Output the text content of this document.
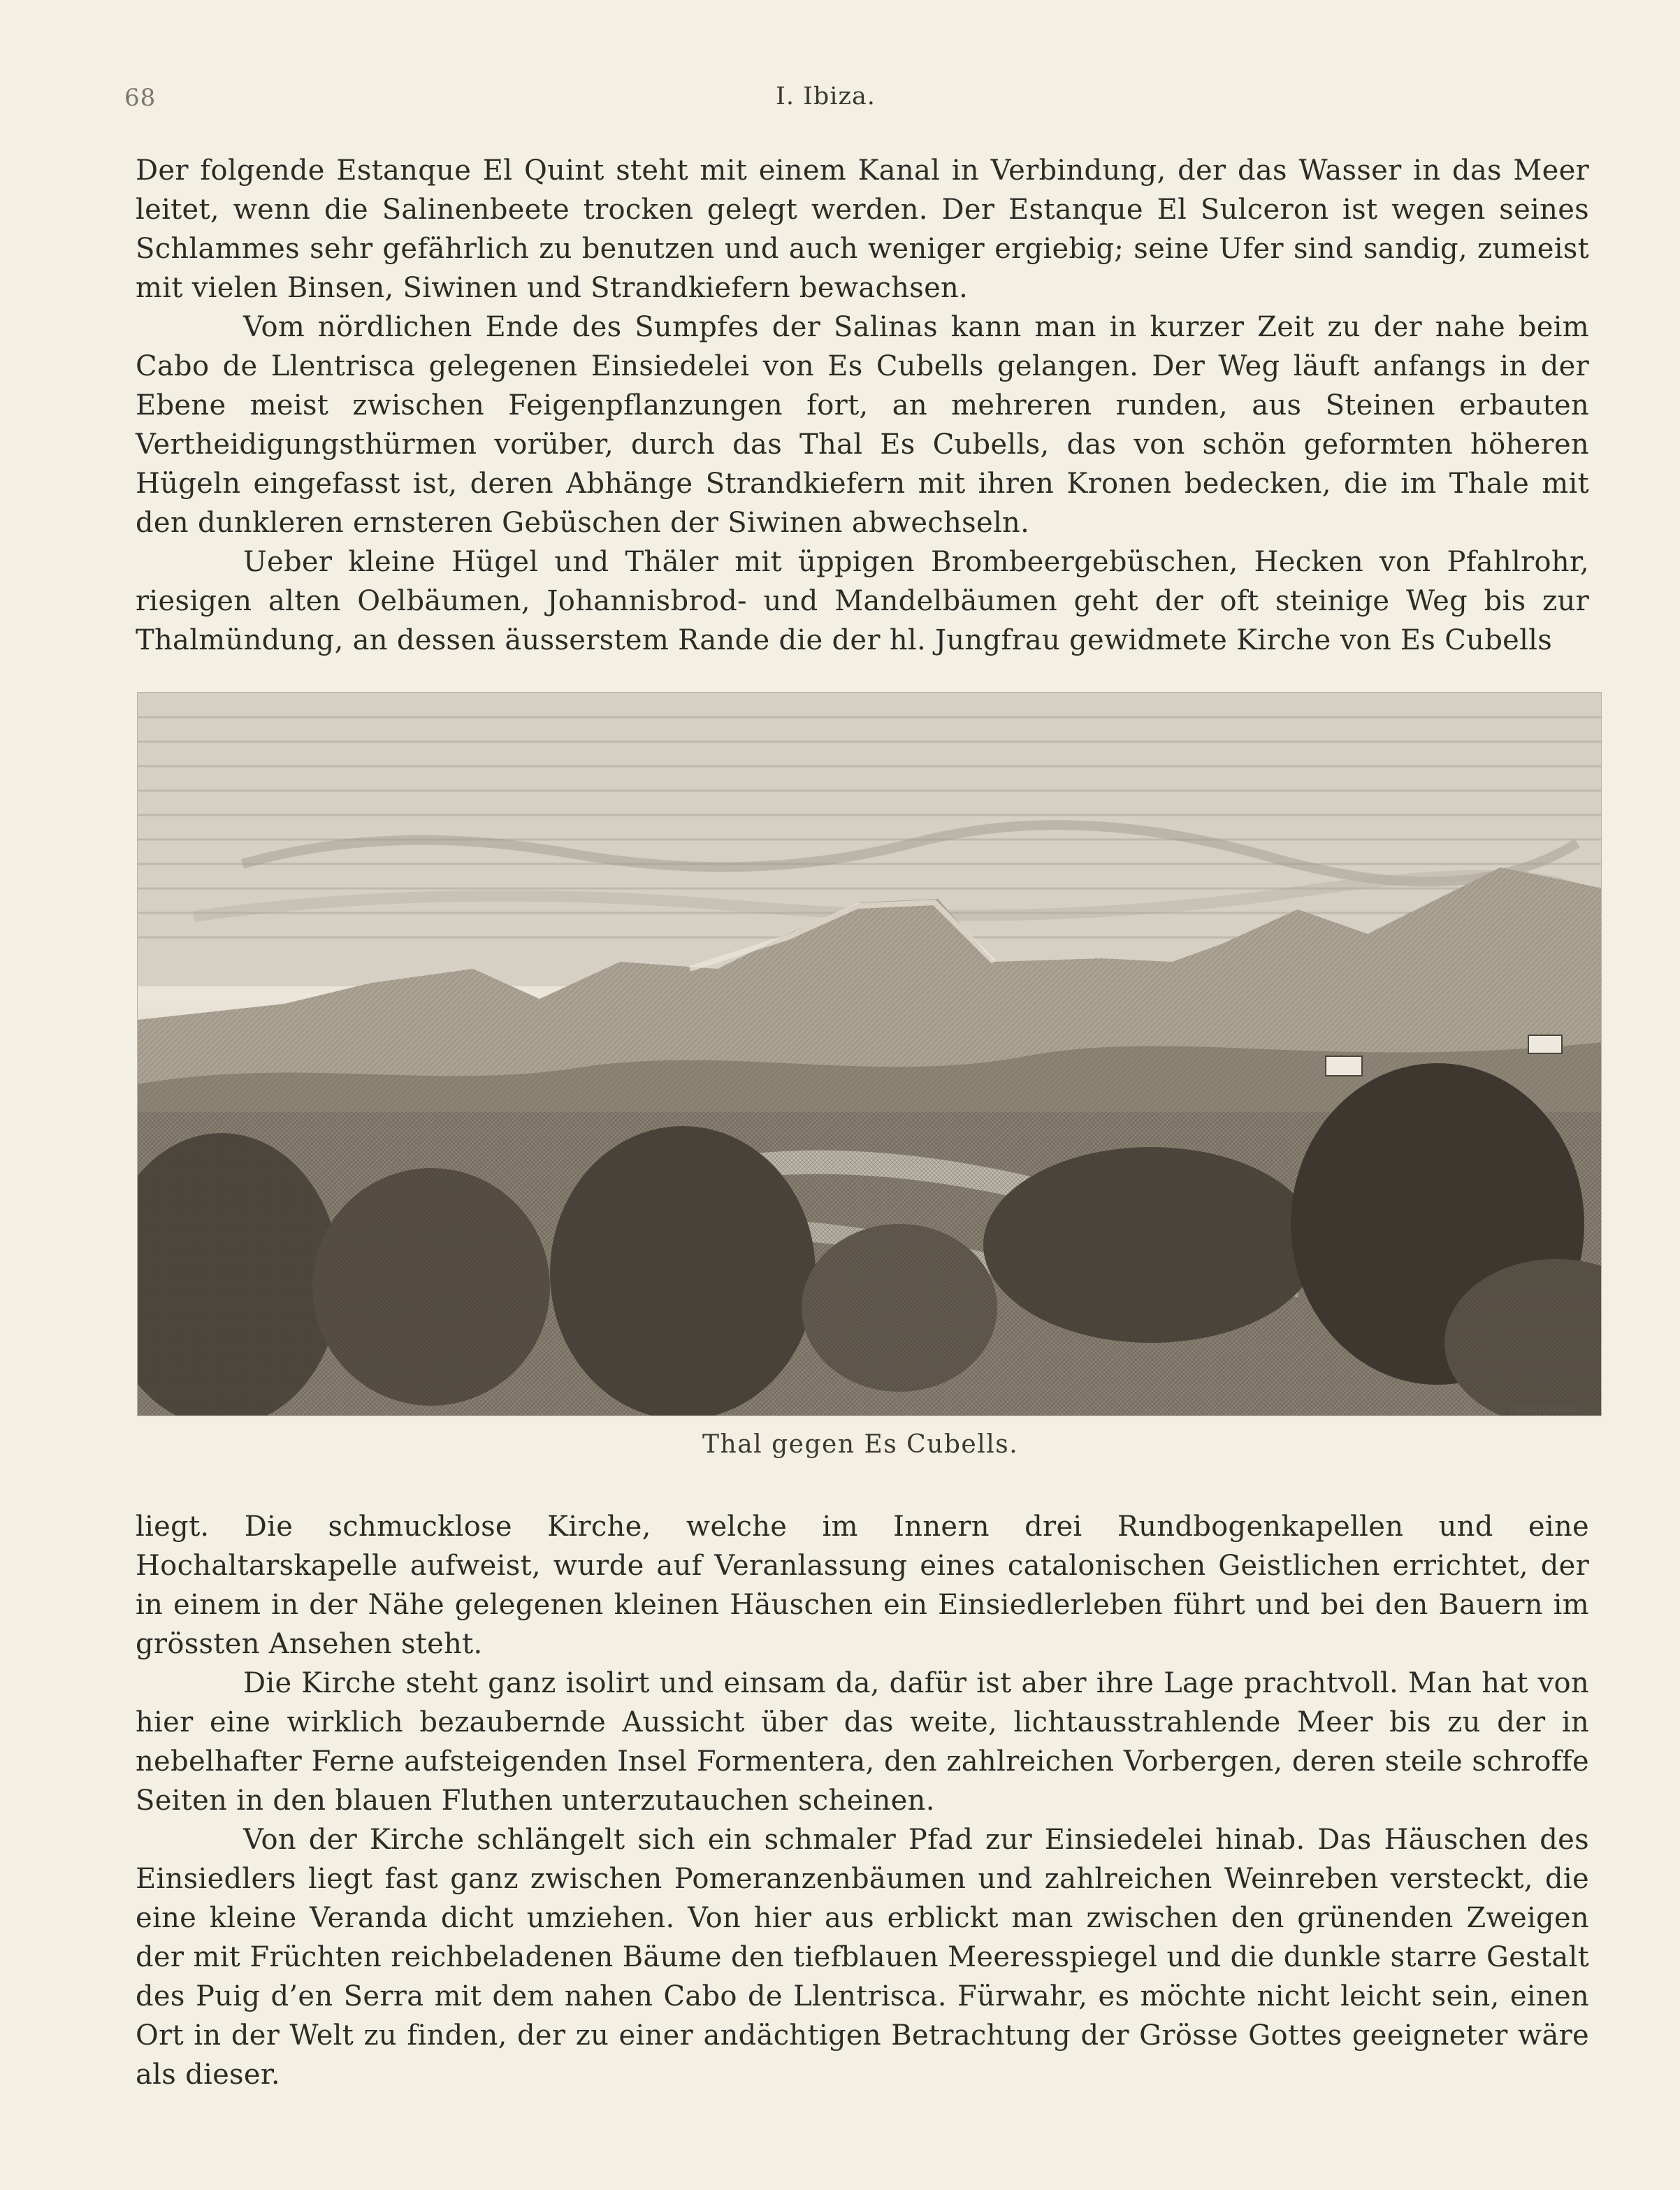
68	I. Ibiza.

Der folgende Estanque El Quint steht mit einem Kanal in Verbindung, der das Wasser in das Meer leitet, wenn die Salinenbeete trocken gelegt werden. Der Estanque El Sulceron ist wegen seines Schlammes sehr gefährlich zu benutzen und auch weniger ergiebig; seine Ufer sind sandig, zumeist mit vielen Binsen, Siwinen und Strandkiefern bewachsen.

Vom nördlichen Ende des Sumpfes der Salinas kann man in kurzer Zeit zu der nahe beim Cabo de Llentrisca gelegenen Einsiedelei von Es Cubells gelangen. Der Weg läuft anfangs in der Ebene meist zwischen Feigenpflanzungen fort, an mehreren runden, aus Steinen erbauten Vertheidigungsthürmen vorüber, durch das Thal Es Cubells, das von schön geformten höheren Hügeln eingefasst ist, deren Abhänge Strandkiefern mit ihren Kronen bedecken, die im Thale mit den dunkleren ernsteren Gebüschen der Siwinen abwechseln.

Ueber kleine Hügel und Thäler mit üppigen Brombeergebüschen, Hecken von Pfahlrohr, riesigen alten Oelbäumen, Johannisbrod- und Mandelbäumen geht der oft steinige Weg bis zur Thalmündung, an dessen äusserstem Rande die der hl. Jungfrau gewidmete Kirche von Es Cubells

F.KRETCHMER
Thal gegen Es Cubells.

liegt. Die schmucklose Kirche, welche im Innern drei Rundbogenkapellen und eine Hochaltarskapelle aufweist, wurde auf Veranlassung eines catalonischen Geistlichen errichtet, der in einem in der Nähe gelegenen kleinen Häuschen ein Einsiedlerleben führt und bei den Bauern im grössten Ansehen steht.

Die Kirche steht ganz isolirt und einsam da, dafür ist aber ihre Lage prachtvoll. Man hat von hier eine wirklich bezaubernde Aussicht über das weite, lichtausstrahlende Meer bis zu der in nebelhafter Ferne aufsteigenden Insel Formentera, den zahlreichen Vorbergen, deren steile schroffe Seiten in den blauen Fluthen unterzutauchen scheinen.

Von der Kirche schlängelt sich ein schmaler Pfad zur Einsiedelei hinab. Das Häuschen des Einsiedlers liegt fast ganz zwischen Pomeranzenbäumen und zahlreichen Weinreben versteckt, die eine kleine Veranda dicht umziehen. Von hier aus erblickt man zwischen den grünenden Zweigen der mit Früchten reichbeladenen Bäume den tiefblauen Meeresspiegel und die dunkle starre Gestalt des Puig d’en Serra mit dem nahen Cabo de Llentrisca. Fürwahr, es möchte nicht leicht sein, einen Ort in der Welt zu finden, der zu einer andächtigen Betrachtung der Grösse Gottes geeigneter wäre als dieser.
